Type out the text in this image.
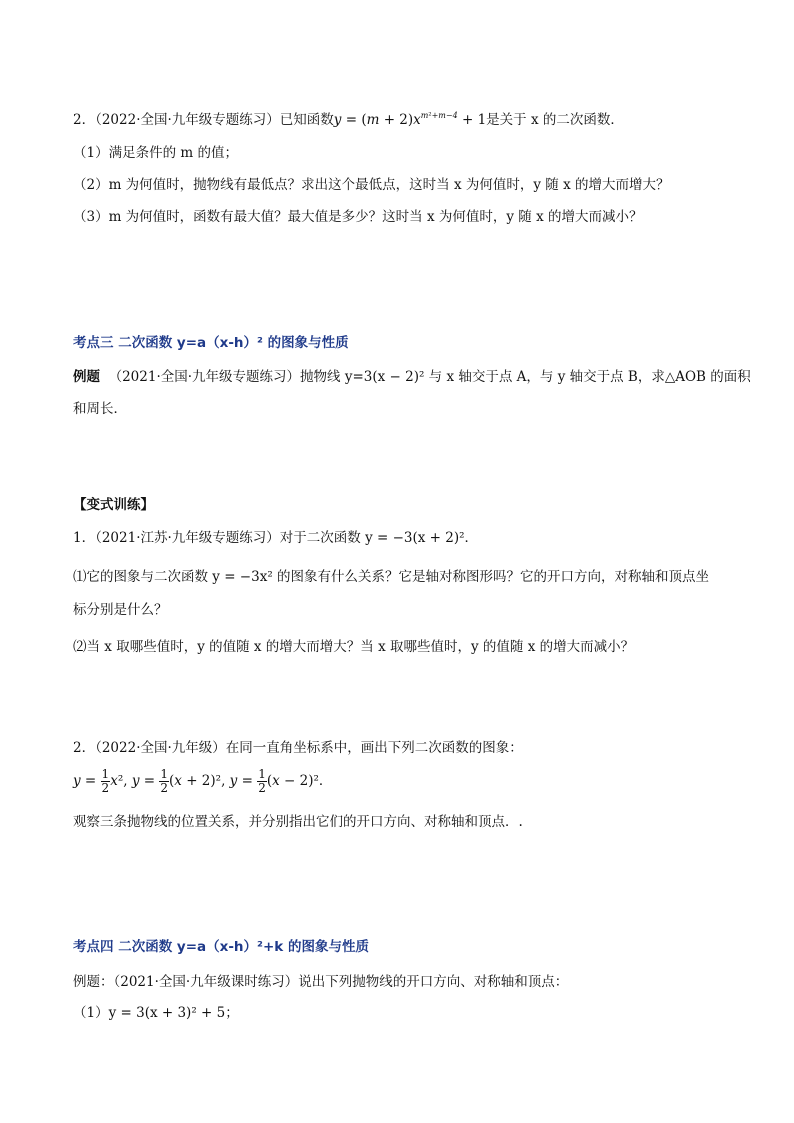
2．（2022·全国·九年级专题练习）已知函数$y = (m + 2)x^{m^2+m-4} + 1$是关于 x 的二次函数．
（1）满足条件的 m 的值；
（2）m 为何值时，抛物线有最低点？求出这个最低点，这时当 x 为何值时，y 随 x 的增大而增大？
（3）m 为何值时，函数有最大值？最大值是多少？这时当 x 为何值时，y 随 x 的增大而减小？
考点三 二次函数 y=a（x-h）² 的图象与性质
例题 （2021·全国·九年级专题练习）抛物线 y=3(x − 2)² 与 x 轴交于点 A，与 y 轴交于点 B，求△AOB 的面积
和周长．
【变式训练】
1．（2021·江苏·九年级专题练习）对于二次函数 y = −3(x + 2)²．
⑴它的图象与二次函数 y = −3x² 的图象有什么关系？它是轴对称图形吗？它的开口方向，对称轴和顶点坐
标分别是什么？
⑵当 x 取哪些值时，y 的值随 x 的增大而增大？当 x 取哪些值时，y 的值随 x 的增大而减小？
2．（2022·全国·九年级）在同一直角坐标系中，画出下列二次函数的图象：
$y = \frac{1}{2} x^2$, $y = \frac{1}{2} (x + 2)^2$, $y = \frac{1}{2} (x - 2)^2$．
观察三条抛物线的位置关系，并分别指出它们的开口方向、对称轴和顶点．.
考点四 二次函数 y=a（x-h）²+k 的图象与性质
例题：（2021·全国·九年级课时练习）说出下列抛物线的开口方向、对称轴和顶点：
（1）y = 3(x + 3)² + 5；
